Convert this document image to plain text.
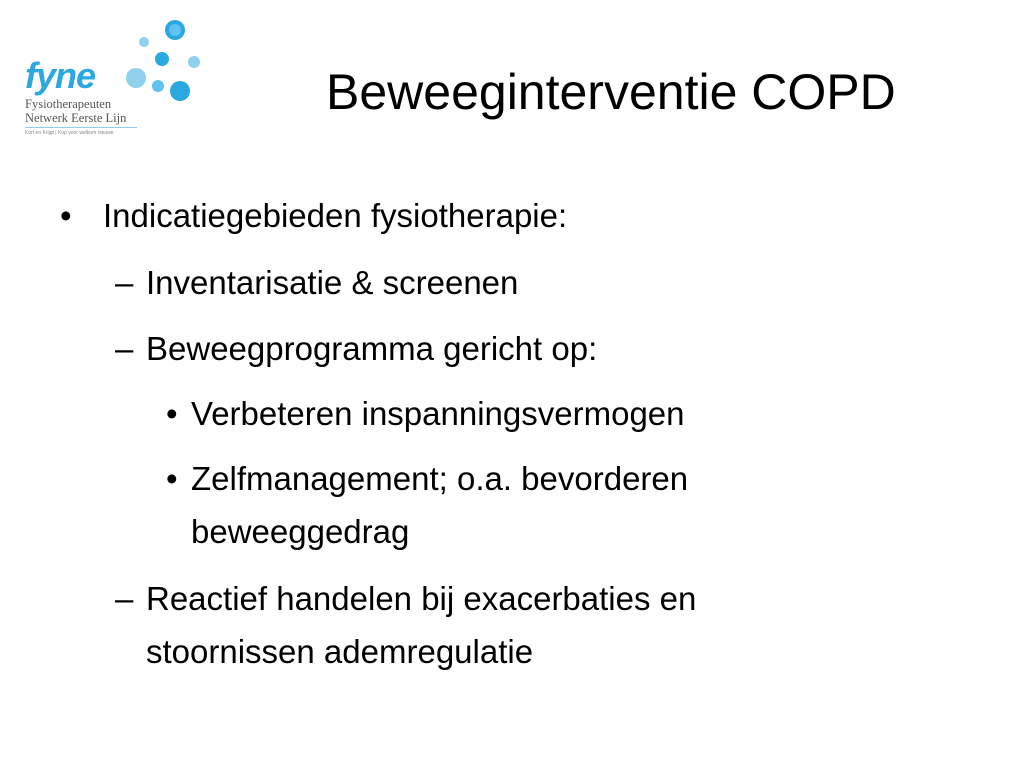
fyne
Fysiotherapeuten
Netwerk Eerste Lijn
Kort en Krijgt | Kop voor welkom nieuwe
Beweeginterventie COPD
• Indicatiegebieden fysiotherapie:
– Inventarisatie & screenen
– Beweegprogramma gericht op:
• Verbeteren inspanningsvermogen
• Zelfmanagement; o.a. bevorderen
beweeggedrag
– Reactief handelen bij exacerbaties en
stoornissen ademregulatie
